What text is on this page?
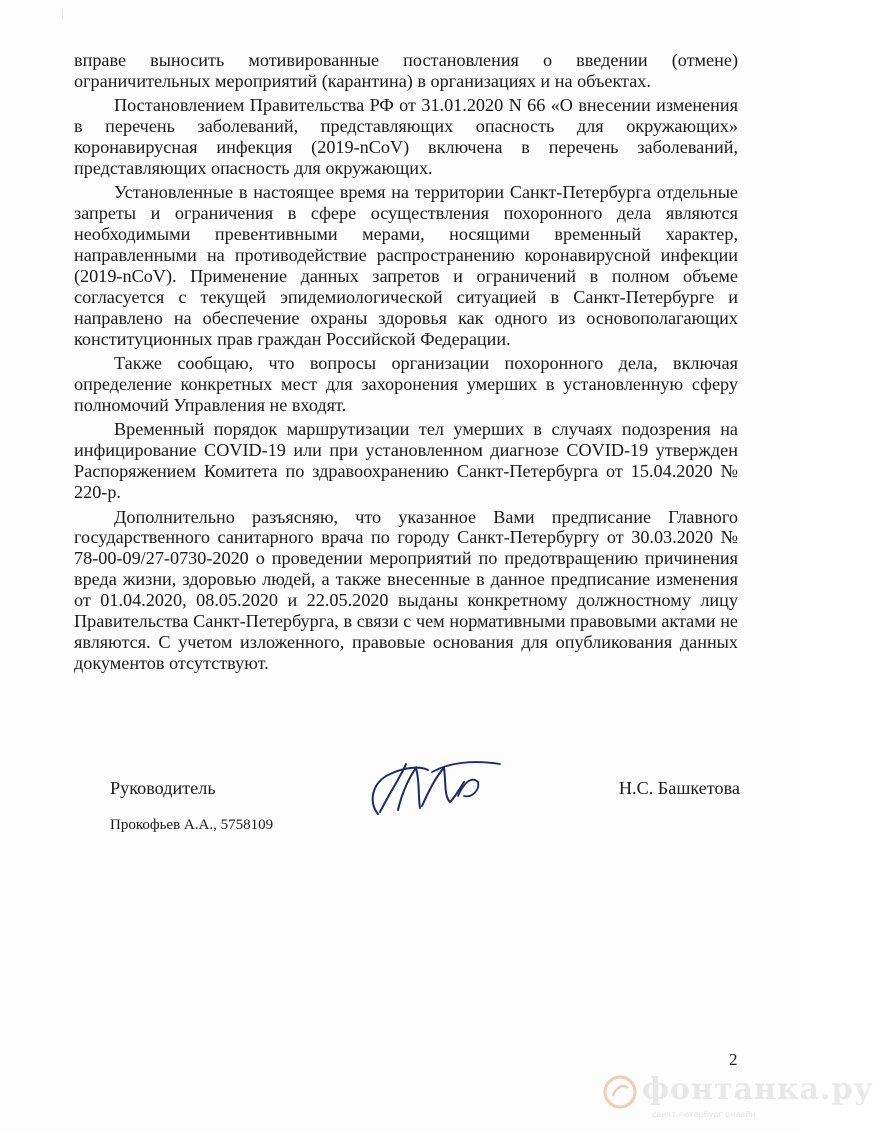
вправе выносить мотивированные постановления о введении (отмене) ограничительных мероприятий (карантина) в организациях и на объектах.

Постановлением Правительства РФ от 31.01.2020 N 66 «О внесении изменения в перечень заболеваний, представляющих опасность для окружающих» коронавирусная инфекция (2019-nCoV) включена в перечень заболеваний, представляющих опасность для окружающих.

Установленные в настоящее время на территории Санкт-Петербурга отдельные запреты и ограничения в сфере осуществления похоронного дела являются необходимыми превентивными мерами, носящими временный характер, направленными на противодействие распространению коронавирусной инфекции (2019-nCoV). Применение данных запретов и ограничений в полном объеме согласуется с текущей эпидемиологической ситуацией в Санкт-Петербурге и направлено на обеспечение охраны здоровья как одного из основополагающих конституционных прав граждан Российской Федерации.

Также сообщаю, что вопросы организации похоронного дела, включая определение конкретных мест для захоронения умерших в установленную сферу полномочий Управления не входят.

Временный порядок маршрутизации тел умерших в случаях подозрения на инфицирование COVID-19 или при установленном диагнозе COVID-19 утвержден Распоряжением Комитета по здравоохранению Санкт-Петербурга от 15.04.2020 № 220-р.

Дополнительно разъясняю, что указанное Вами предписание Главного государственного санитарного врача по городу Санкт-Петербургу от 30.03.2020 № 78-00-09/27-0730-2020 о проведении мероприятий по предотвращению причинения вреда жизни, здоровью людей, а также внесенные в данное предписание изменения от 01.04.2020, 08.05.2020 и 22.05.2020 выданы конкретному должностному лицу Правительства Санкт-Петербурга, в связи с чем нормативными правовыми актами не являются. С учетом изложенного, правовые основания для опубликования данных документов отсутствуют.

Руководитель	Н.С. Башкетова
Прокофьев А.А., 5758109
2
фонтанка.ру
санкт-петербург онлайн
